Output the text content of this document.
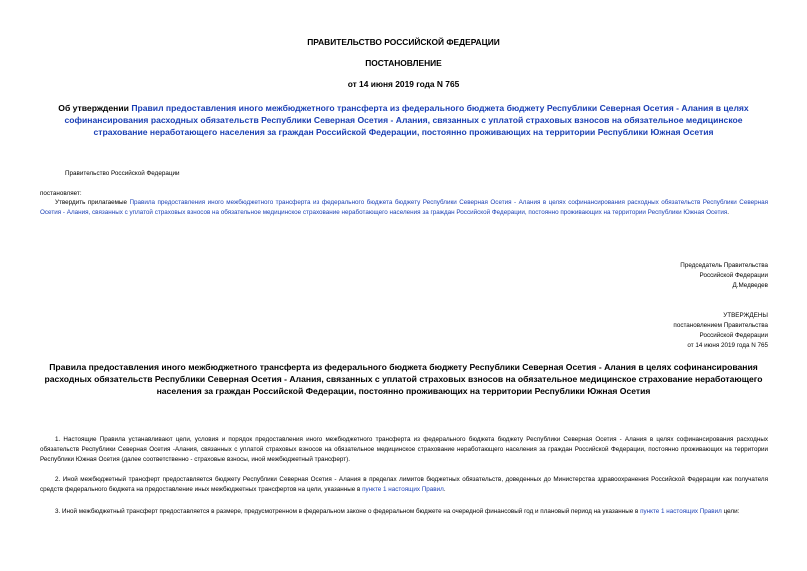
ПРАВИТЕЛЬСТВО РОССИЙСКОЙ ФЕДЕРАЦИИ
ПОСТАНОВЛЕНИЕ
от 14 июня 2019 года N 765
Об утверждении Правил предоставления иного межбюджетного трансферта из федерального бюджета бюджету Республики Северная Осетия - Алания в целях софинансирования расходных обязательств Республики Северная Осетия - Алания, связанных с уплатой страховых взносов на обязательное медицинское страхование неработающего населения за граждан Российской Федерации, постоянно проживающих на территории Республики Южная Осетия
Правительство Российской Федерации
постановляет:
Утвердить прилагаемые Правила предоставления иного межбюджетного трансферта из федерального бюджета бюджету Республики Северная Осетия - Алания в целях софинансирования расходных обязательств Республики Северная Осетия - Алания, связанных с уплатой страховых взносов на обязательное медицинское страхование неработающего населения за граждан Российской Федерации, постоянно проживающих на территории Республики Южная Осетия.
Председатель Правительства
Российской Федерации
Д.Медведев
УТВЕРЖДЕНЫ
постановлением Правительства
Российской Федерации
от 14 июня 2019 года N 765
Правила предоставления иного межбюджетного трансферта из федерального бюджета бюджету Республики Северная Осетия - Алания в целях софинансирования расходных обязательств Республики Северная Осетия - Алания, связанных с уплатой страховых взносов на обязательное медицинское страхование неработающего населения за граждан Российской Федерации, постоянно проживающих на территории Республики Южная Осетия
1. Настоящие Правила устанавливают цели, условия и порядок предоставления иного межбюджетного трансферта из федерального бюджета бюджету Республики Северная Осетия - Алания в целях софинансирования расходных обязательств Республики Северная Осетия -Алания, связанных с уплатой страховых взносов на обязательное медицинское страхование неработающего населения за граждан Российской Федерации, постоянно проживающих на территории Республики Южная Осетия (далее соответственно - страховые взносы, иной межбюджетный трансферт).
2. Иной межбюджетный трансферт предоставляется бюджету Республики Северная Осетия - Алания в пределах лимитов бюджетных обязательств, доведенных до Министерства здравоохранения Российской Федерации как получателя средств федерального бюджета на предоставление иных межбюджетных трансфертов на цели, указанные в пункте 1 настоящих Правил.
3. Иной межбюджетный трансферт предоставляется в размере, предусмотренном в федеральном законе о федеральном бюджете на очередной финансовый год и плановый период на указанные в пункте 1 настоящих Правил цели:
